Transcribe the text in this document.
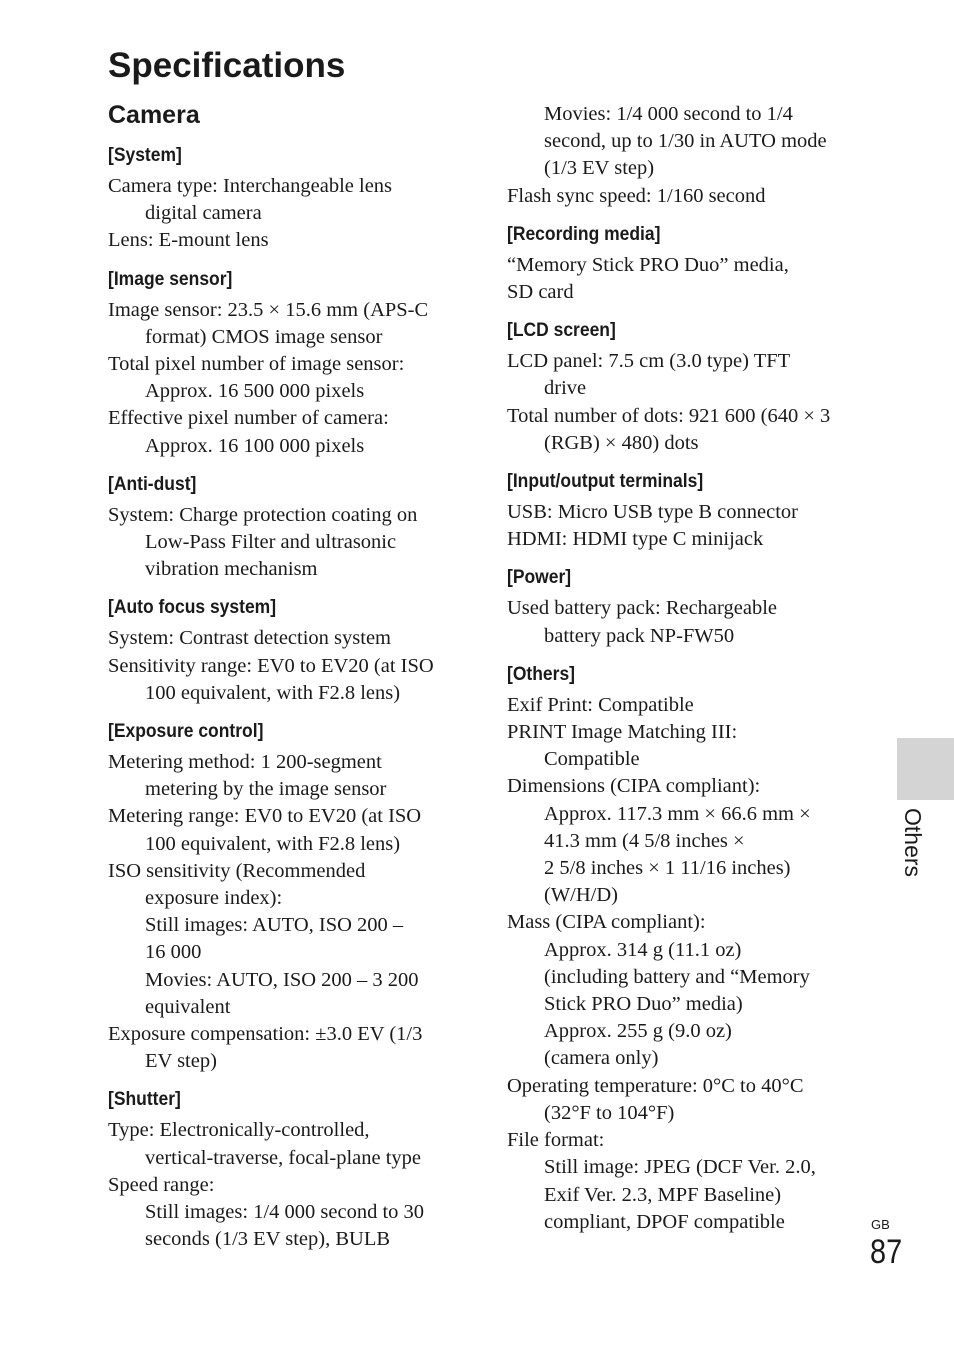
Specifications
Camera
[System]
Camera type: Interchangeable lens
digital camera
Lens: E-mount lens
[Image sensor]
Image sensor: 23.5 × 15.6 mm (APS-C
format) CMOS image sensor
Total pixel number of image sensor:
Approx. 16 500 000 pixels
Effective pixel number of camera:
Approx. 16 100 000 pixels
[Anti-dust]
System: Charge protection coating on
Low-Pass Filter and ultrasonic
vibration mechanism
[Auto focus system]
System: Contrast detection system
Sensitivity range: EV0 to EV20 (at ISO
100 equivalent, with F2.8 lens)
[Exposure control]
Metering method: 1 200-segment
metering by the image sensor
Metering range: EV0 to EV20 (at ISO
100 equivalent, with F2.8 lens)
ISO sensitivity (Recommended
exposure index):
Still images: AUTO, ISO 200 –
16 000
Movies: AUTO, ISO 200 – 3 200
equivalent
Exposure compensation: ±3.0 EV (1/3
EV step)
[Shutter]
Type: Electronically-controlled,
vertical-traverse, focal-plane type
Speed range:
Still images: 1/4 000 second to 30
seconds (1/3 EV step), BULB
Movies: 1/4 000 second to 1/4
second, up to 1/30 in AUTO mode
(1/3 EV step)
Flash sync speed: 1/160 second
[Recording media]
“Memory Stick PRO Duo” media,
SD card
[LCD screen]
LCD panel: 7.5 cm (3.0 type) TFT
drive
Total number of dots: 921 600 (640 × 3
(RGB) × 480) dots
[Input/output terminals]
USB: Micro USB type B connector
HDMI: HDMI type C minijack
[Power]
Used battery pack: Rechargeable
battery pack NP-FW50
[Others]
Exif Print: Compatible
PRINT Image Matching III:
Compatible
Dimensions (CIPA compliant):
Approx. 117.3 mm × 66.6 mm ×
41.3 mm (4 5/8 inches ×
2 5/8 inches × 1 11/16 inches)
(W/H/D)
Mass (CIPA compliant):
Approx. 314 g (11.1 oz)
(including battery and “Memory
Stick PRO Duo” media)
Approx. 255 g (9.0 oz)
(camera only)
Operating temperature: 0°C to 40°C
(32°F to 104°F)
File format:
Still image: JPEG (DCF Ver. 2.0,
Exif Ver. 2.3, MPF Baseline)
compliant, DPOF compatible
Others
GB
87
